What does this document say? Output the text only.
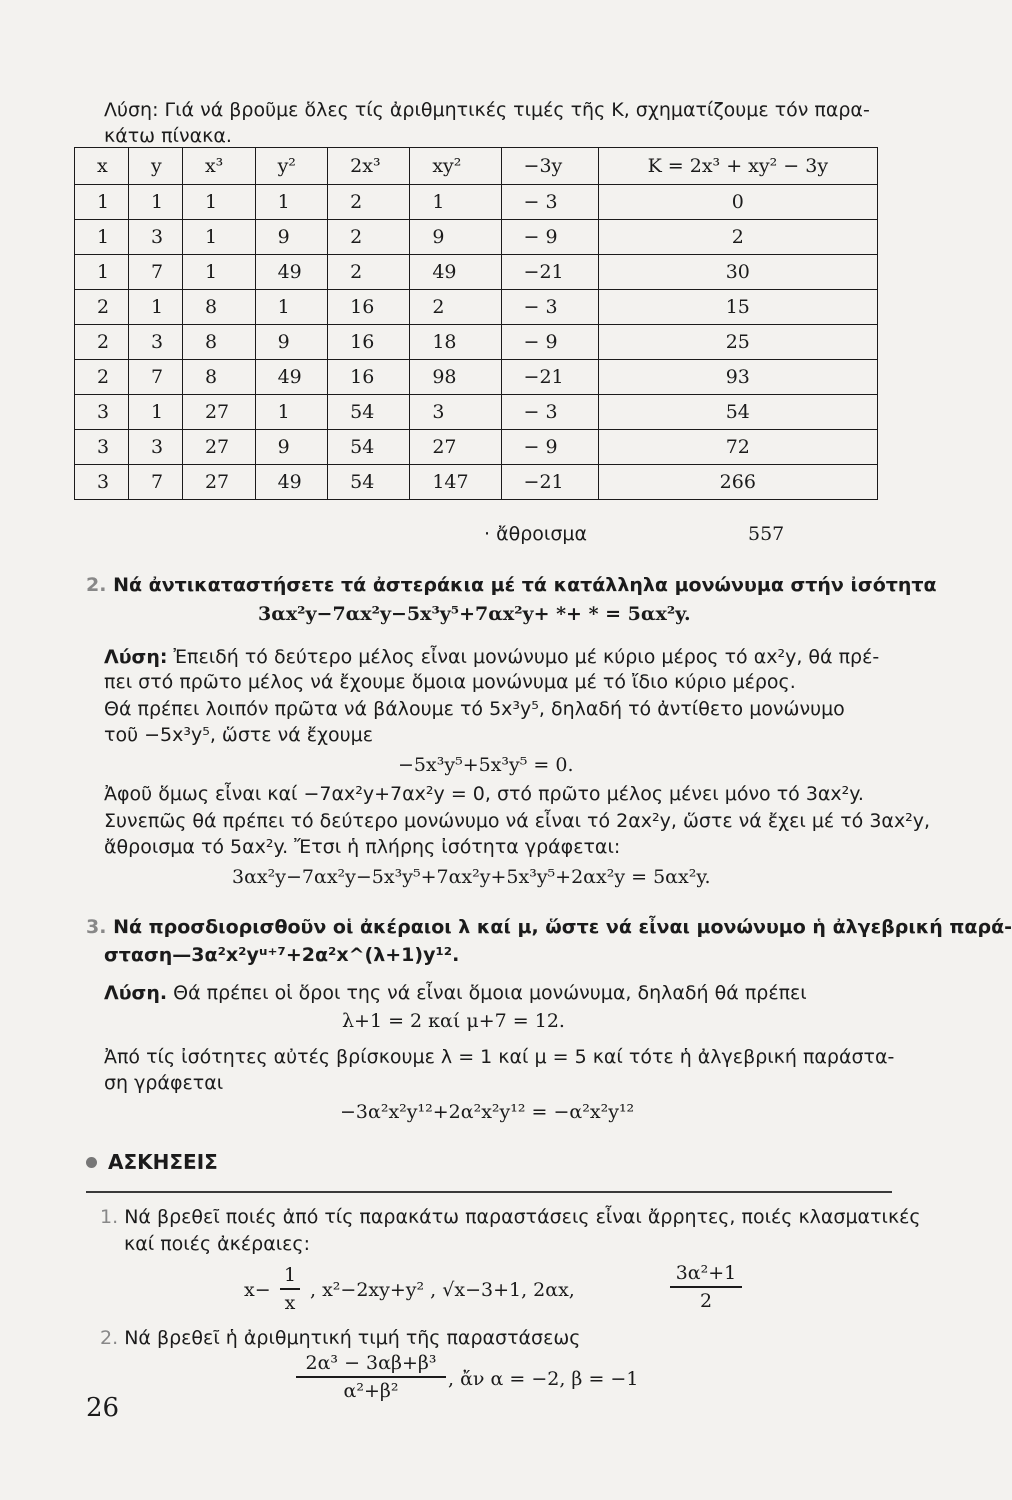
Λύση: Γιά νά βροῦμε ὅλες τίς ἀριθμητικές τιμές τῆς K, σχηματίζουμε τόν παρα-
κάτω πίνακα.
x	y	x³	y²	2x³	xy²	−3y	K = 2x³ + xy² − 3y
1	1	1	1	2	1	− 3	0
1	3	1	9	2	9	− 9	2
1	7	1	49	2	49	−21	30
2	1	8	1	16	2	− 3	15
2	3	8	9	16	18	− 9	25
2	7	8	49	16	98	−21	93
3	1	27	1	54	3	− 3	54
3	3	27	9	54	27	− 9	72
3	7	27	49	54	147	−21	266
· ἄθροισμα	557
2. Νά ἀντικαταστήσετε τά ἀστεράκια μέ τά κατάλληλα μονώνυμα στήν ἰσότητα
3αx²y−7αx²y−5x³y⁵+7αx²y+ *+ * = 5αx²y.
Λύση: Ἐπειδή τό δεύτερο μέλος εἶναι μονώνυμο μέ κύριο μέρος τό αx²y, θά πρέ-
πει στό πρῶτο μέλος νά ἔχουμε ὅμοια μονώνυμα μέ τό ἴδιο κύριο μέρος.
Θά πρέπει λοιπόν πρῶτα νά βάλουμε τό 5x³y⁵, δηλαδή τό ἀντίθετο μονώνυμο
τοῦ −5x³y⁵, ὥστε νά ἔχουμε
−5x³y⁵+5x³y⁵ = 0.
Ἀφοῦ ὅμως εἶναι καί −7αx²y+7αx²y = 0, στό πρῶτο μέλος μένει μόνο τό 3αx²y.
Συνεπῶς θά πρέπει τό δεύτερο μονώνυμο νά εἶναι τό 2αx²y, ὥστε νά ἔχει μέ τό 3αx²y,
ἄθροισμα τό 5αx²y. Ἔτσι ἡ πλήρης ἰσότητα γράφεται:
3αx²y−7αx²y−5x³y⁵+7αx²y+5x³y⁵+2αx²y = 5αx²y.
3. Νά προσδιορισθοῦν οἱ ἀκέραιοι λ καί μ, ὥστε νά εἶναι μονώνυμο ἡ ἀλγεβρική παρά-
σταση—3α²x²yᵘ⁺⁷+2α²x^(λ+1)y¹².
Λύση. Θά πρέπει οἱ ὅροι της νά εἶναι ὅμοια μονώνυμα, δηλαδή θά πρέπει
λ+1 = 2 καί μ+7 = 12.
Ἀπό τίς ἰσότητες αὐτές βρίσκουμε λ = 1 καί μ = 5 καί τότε ἡ ἀλγεβρική παράστα-
ση γράφεται
−3α²x²y¹²+2α²x²y¹² = −α²x²y¹²
ΑΣΚΗΣΕΙΣ
1. Νά βρεθεῖ ποιές ἀπό τίς παρακάτω παραστάσεις εἶναι ἄρρητες, ποιές κλασματικές
καί ποιές ἀκέραιες:
x−
1
x
, x²−2xy+y² , √x−3+1, 2αx,
3α²+1
2
2. Νά βρεθεῖ ἡ ἀριθμητική τιμή τῆς παραστάσεως
2α³ − 3αβ+β³
α²+β²
, ἄν α = −2, β = −1
26
